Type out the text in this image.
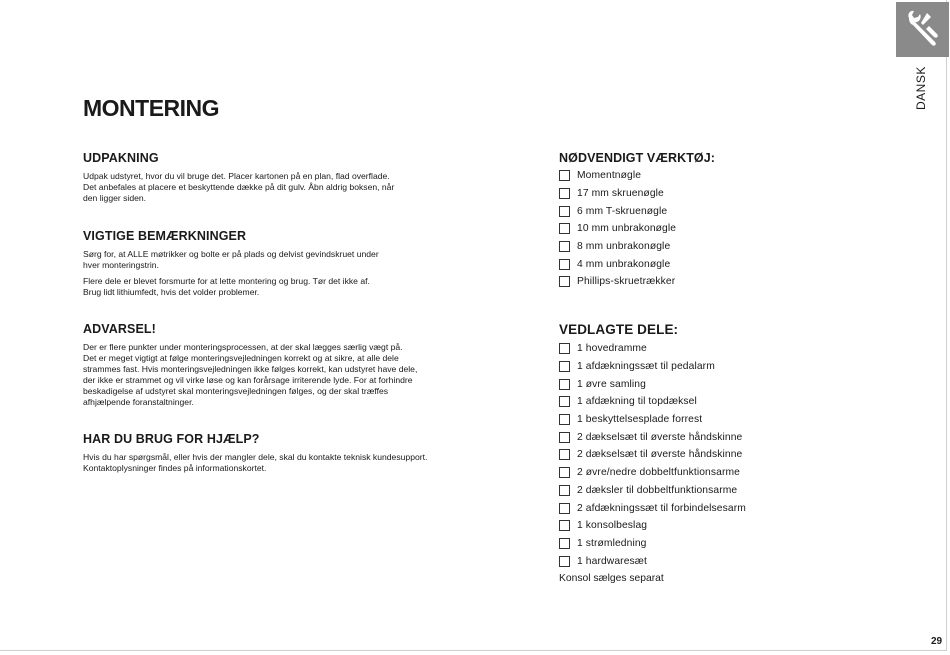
DANSK
MONTERING
UDPAKNING

Udpak udstyret, hvor du vil bruge det. Placer kartonen på en plan, flad overflade.
Det anbefales at placere et beskyttende dække på dit gulv. Åbn aldrig boksen, når
den ligger siden.

VIGTIGE BEMÆRKNINGER

Sørg for, at ALLE møtrikker og bolte er på plads og delvist gevindskruet under
hver monteringstrin.

Flere dele er blevet forsmurte for at lette montering og brug. Tør det ikke af.
Brug lidt lithiumfedt, hvis det volder problemer.

ADVARSEL!

Der er flere punkter under monteringsprocessen, at der skal lægges særlig vægt på.
Det er meget vigtigt at følge monteringsvejledningen korrekt og at sikre, at alle dele
strammes fast. Hvis monteringsvejledningen ikke følges korrekt, kan udstyret have dele,
der ikke er strammet og vil virke løse og kan forårsage irriterende lyde. For at forhindre
beskadigelse af udstyret skal monteringsvejledningen følges, og der skal træffes
afhjælpende foranstaltninger.

HAR DU BRUG FOR HJÆLP?

Hvis du har spørgsmål, eller hvis der mangler dele, skal du kontakte teknisk kundesupport.
Kontaktoplysninger findes på informationskortet.

NØDVENDIGT VÆRKTØJ:
Momentnøgle
17 mm skruenøgle
6 mm T-skruenøgle
10 mm unbrakonøgle
8 mm unbrakonøgle
4 mm unbrakonøgle
Phillips-skruetrækker
VEDLAGTE DELE:
1 hovedramme
1 afdækningssæt til pedalarm
1 øvre samling
1 afdækning til topdæksel
1 beskyttelsesplade forrest
2 dækselsæt til øverste håndskinne
2 dækselsæt til øverste håndskinne
2 øvre/nedre dobbeltfunktionsarme
2 dæksler til dobbeltfunktionsarme
2 afdækningssæt til forbindelsesarm
1 konsolbeslag
1 strømledning
1 hardwaresæt
Konsol sælges separat
29
